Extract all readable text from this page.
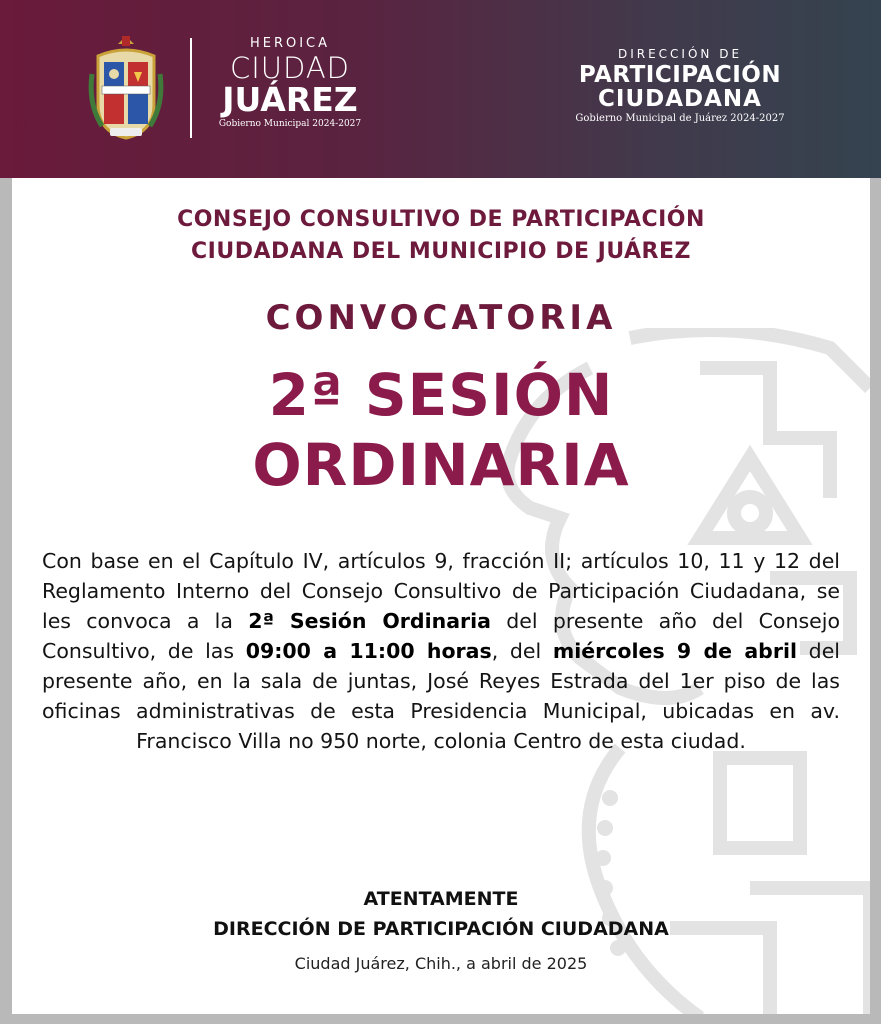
HEROICA
CIUDAD
JUÁREZ
Gobierno Municipal 2024-2027
DIRECCIÓN DE
PARTICIPACIÓN
CIUDADANA
Gobierno Municipal de Juárez 2024-2027
CONSEJO CONSULTIVO DE PARTICIPACIÓN
CIUDADANA DEL MUNICIPIO DE JUÁREZ
CONVOCATORIA
2ª SESIÓN
ORDINARIA

Con base en el Capítulo IV, artículos 9, fracción II; artículos 10, 11 y 12 del Reglamento Interno del Consejo Consultivo de Participación Ciudadana, se les convoca a la 2ª Sesión Ordinaria del presente año del Consejo Consultivo, de las 09:00 a 11:00 horas, del miércoles 9 de abril del presente año, en la sala de juntas, José Reyes Estrada del 1er piso de las oficinas administrativas de esta Presidencia Municipal, ubicadas en av. Francisco Villa no 950 norte, colonia Centro de esta ciudad.

ATENTAMENTE
DIRECCIÓN DE PARTICIPACIÓN CIUDADANA
Ciudad Juárez, Chih., a abril de 2025
